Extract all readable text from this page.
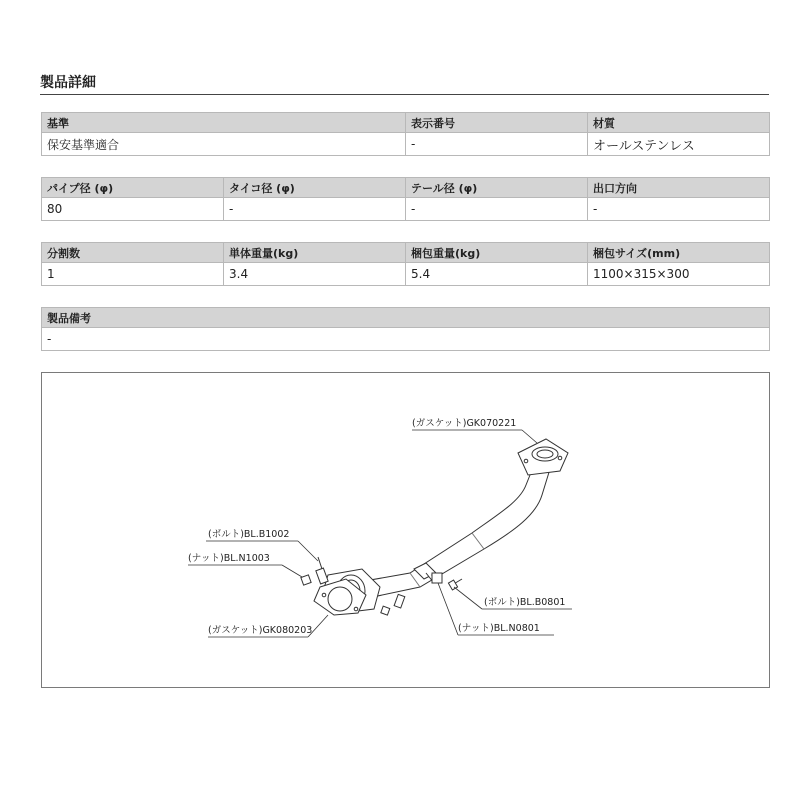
製品詳細
基準	表示番号	材質
保安基準適合	-	オールステンレス
パイプ径 (φ)	タイコ径 (φ)	テール径 (φ)	出口方向
80	-	-	-
分割数	単体重量(kg)	梱包重量(kg)	梱包サイズ(mm)
1	3.4	5.4	1100×315×300
製品備考
-
(ガスケット)GK070221
(ボルト)BL.B1002
(ナット)BL.N1003
(ガスケット)GK080203
(ボルト)BL.B0801
(ナット)BL.N0801
